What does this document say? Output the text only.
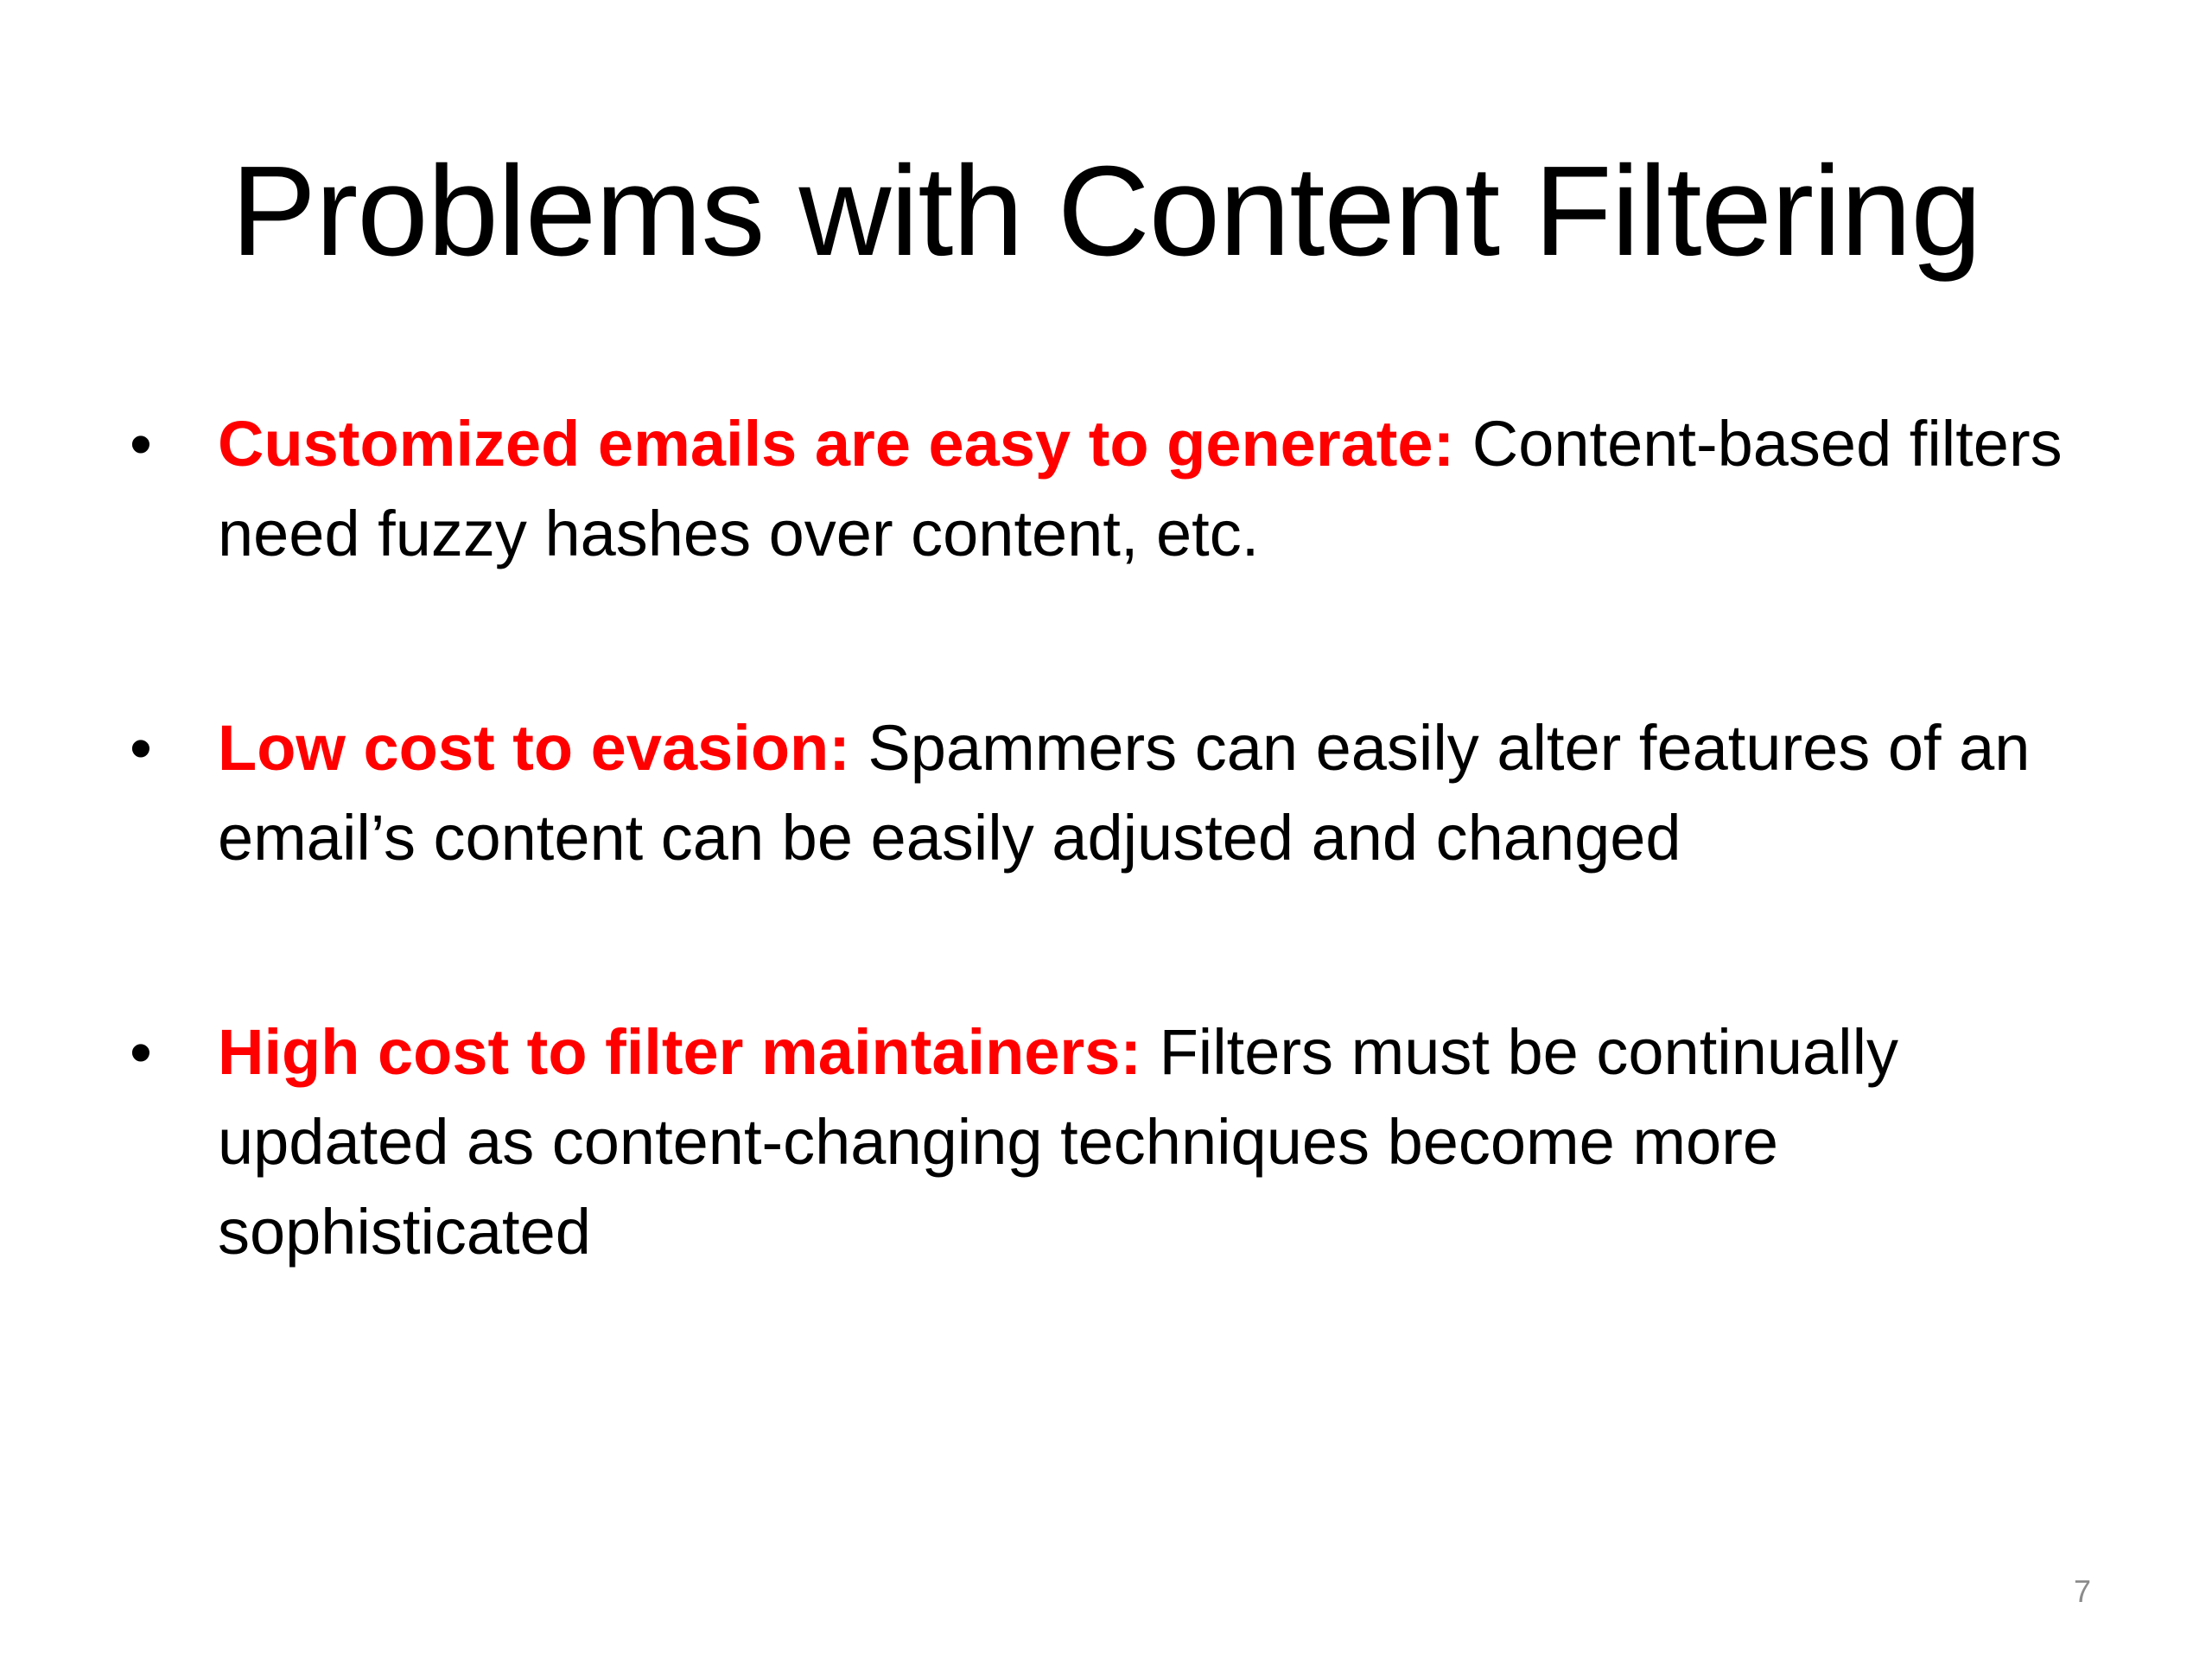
Problems with Content Filtering
• Customized emails are easy to generate: Content-based filters need fuzzy hashes over content, etc.
• Low cost to evasion: Spammers can easily alter features of an email’s content can be easily adjusted and changed
• High cost to filter maintainers: Filters must be continually updated as content-changing techniques become more sophisticated
7
